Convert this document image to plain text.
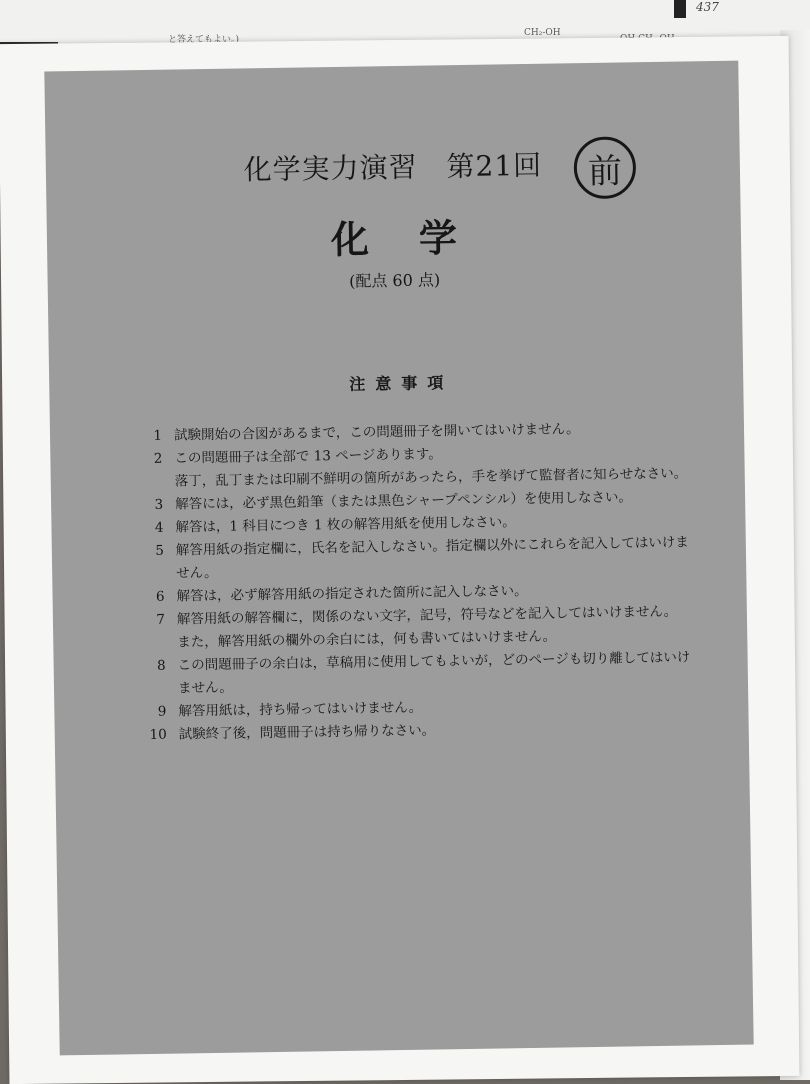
と答えてもよい。)
CH₂-OH
437
化学実力演習　第21回	前
化学
(配点 60 点)
注意事項
1 試験開始の合図があるまで，この問題冊子を開いてはいけません。
2 この問題冊子は全部で 13 ページあります。
落丁，乱丁または印刷不鮮明の箇所があったら，手を挙げて監督者に知らせなさい。
3 解答には，必ず黒色鉛筆（または黒色シャープペンシル）を使用しなさい。
4 解答は，1 科目につき 1 枚の解答用紙を使用しなさい。
5 解答用紙の指定欄に，氏名を記入しなさい。指定欄以外にこれらを記入してはいけま
せん。
6 解答は，必ず解答用紙の指定された箇所に記入しなさい。
7 解答用紙の解答欄に，関係のない文字，記号，符号などを記入してはいけません。
また，解答用紙の欄外の余白には，何も書いてはいけません。
8 この問題冊子の余白は，草稿用に使用してもよいが，どのページも切り離してはいけ
ません。
9 解答用紙は，持ち帰ってはいけません。
10 試験終了後，問題冊子は持ち帰りなさい。
